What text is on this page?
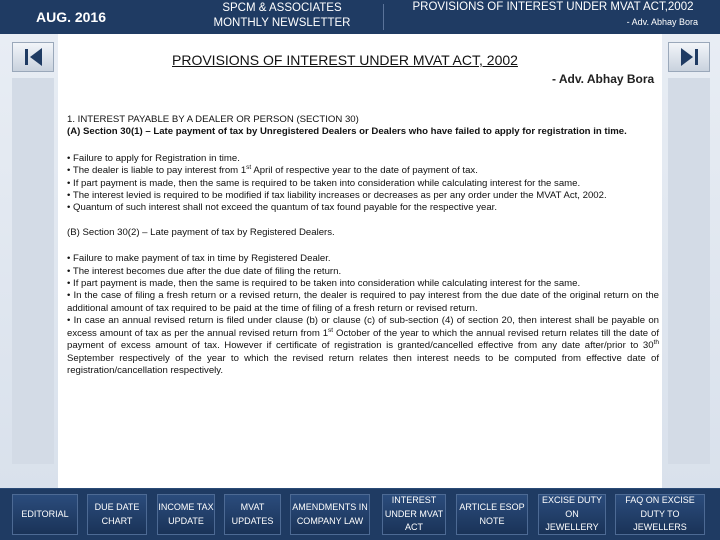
AUG. 2016
SPCM & ASSOCIATES
MONTHLY NEWSLETTER
PROVISIONS OF INTEREST UNDER MVAT ACT,2002
- Adv. Abhay Bora
PROVISIONS OF INTEREST UNDER MVAT ACT, 2002
- Adv. Abhay Bora

1. INTEREST PAYABLE BY A DEALER OR PERSON (SECTION 30)

(A) Section 30(1) – Late payment of tax by Unregistered Dealers or Dealers who have failed to apply for registration in time.

• Failure to apply for Registration in time.

• The dealer is liable to pay interest from 1st April of respective year to the date of payment of tax.

• If part payment is made, then the same is required to be taken into consideration while calculating interest for the same.

• The interest levied is required to be modified if tax liability increases or decreases as per any order under the MVAT Act, 2002.

• Quantum of such interest shall not exceed the quantum of tax found payable for the respective year.

(B) Section 30(2) – Late payment of tax by Registered Dealers.

• Failure to make payment of tax in time by Registered Dealer.

• The interest becomes due after the due date of filing the return.

• If part payment is made, then the same is required to be taken into consideration while calculating interest for the same.

• In the case of filing a fresh return or a revised return, the dealer is required to pay interest from the due date of the original return on the additional amount of tax required to be paid at the time of filing of a fresh return or revised return.

• In case an annual revised return is filed under clause (b) or clause (c) of sub-section (4) of section 20, then interest shall be payable on excess amount of tax as per the annual revised return from 1st October of the year to which the annual revised return relates till the date of payment of excess amount of tax. However if certificate of registration is granted/cancelled effective from any date after/prior to 30th September respectively of the year to which the revised return relates then interest needs to be computed from effective date of registration/cancellation respectively.

EDITORIAL
DUE DATE CHART
INCOME TAX UPDATE
MVAT UPDATES
AMENDMENTS IN COMPANY LAW
INTEREST UNDER MVAT ACT
ARTICLE ESOP NOTE
EXCISE DUTY ON JEWELLERY
FAQ ON EXCISE DUTY TO JEWELLERS
